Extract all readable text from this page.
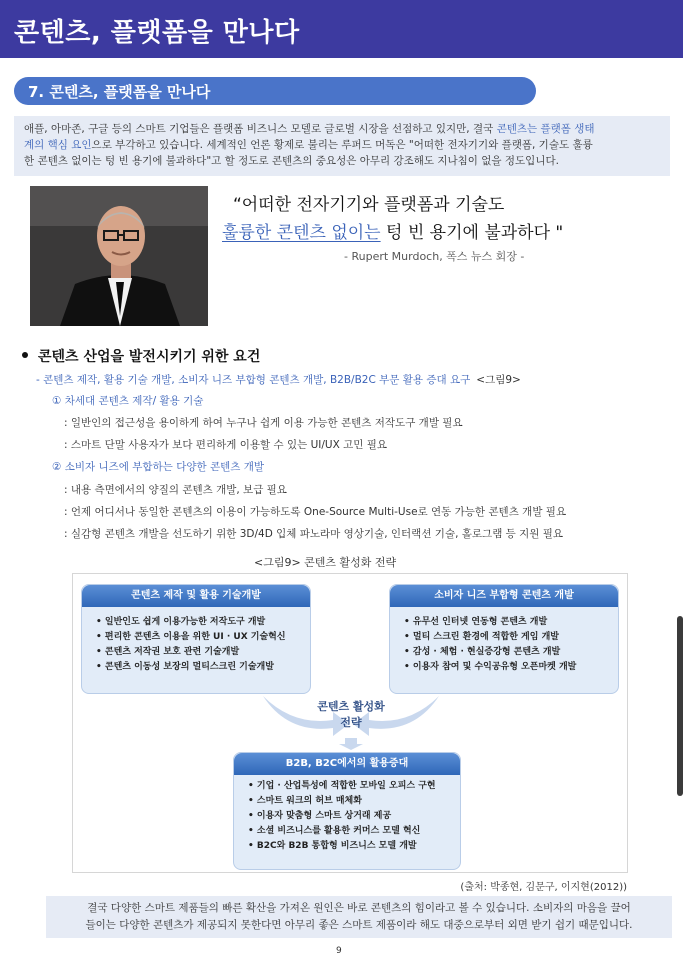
콘텐츠, 플랫폼을 만나다
7. 콘텐츠, 플랫폼을 만나다
애플, 아마존, 구글 등의 스마트 기업들은 플랫폼 비즈니스 모델로 글로벌 시장을 선점하고 있지만, 결국 콘텐츠는 플랫폼 생태
계의 핵심 요인으로 부각하고 있습니다. 세계적인 언론 황제로 불리는 루퍼드 머독은 "어떠한 전자기기와 플랫폼, 기술도 훌륭
한 콘텐츠 없이는 텅 빈 용기에 불과하다"고 할 정도로 콘텐츠의 중요성은 아무리 강조해도 지나침이 없을 정도입니다.
“어떠한 전자기기와 플랫폼과 기술도
훌륭한 콘텐츠 없이는 텅 빈 용기에 불과하다 "
- Rupert Murdoch, 폭스 뉴스 회장 -
콘텐츠 산업을 발전시키기 위한 요건
- 콘텐츠 제작, 활용 기술 개발, 소비자 니즈 부합형 콘텐츠 개발, B2B/B2C 부문 활용 증대 요구 <그림9>
① 차세대 콘텐츠 제작/ 활용 기술
: 일반인의 접근성을 용이하게 하여 누구나 쉽게 이용 가능한 콘텐츠 저작도구 개발 필요
: 스마트 단말 사용자가 보다 편리하게 이용할 수 있는 UI/UX 고민 필요
② 소비자 니즈에 부합하는 다양한 콘텐츠 개발
: 내용 측면에서의 양질의 콘텐츠 개발, 보급 필요
: 언제 어디서나 동일한 콘텐츠의 이용이 가능하도록 One-Source Multi-Use로 연동 가능한 콘텐츠 개발 필요
: 실감형 콘텐츠 개발을 선도하기 위한 3D/4D 입체 파노라마 영상기술, 인터랙션 기술, 홀로그램 등 지원 필요
<그림9> 콘텐츠 활성화 전략
콘텐츠 제작 및 활용 기술개발
• 일반인도 쉽게 이용가능한 저작도구 개발
• 편리한 콘텐츠 이용을 위한 UI · UX 기술혁신
• 콘텐츠 저작권 보호 관련 기술개발
• 콘텐츠 이동성 보장의 멀티스크린 기술개발
소비자 니즈 부합형 콘텐츠 개발
• 유무선 인터넷 연동형 콘텐츠 개발
• 멀티 스크린 환경에 적합한 게임 개발
• 감성 · 체험 · 현실증강형 콘텐츠 개발
• 이용자 참여 및 수익공유형 오픈마켓 개발
콘텐츠 활성화
전략
B2B, B2C에서의 활용증대
• 기업 · 산업특성에 적합한 모바일 오피스 구현
• 스마트 워크의 허브 매체화
• 이용자 맞춤형 스마트 상거래 제공
• 소셜 비즈니스를 활용한 커머스 모델 혁신
• B2C와 B2B 통합형 비즈니스 모델 개발
(출처: 박종현, 김문구, 이지현(2012))
결국 다양한 스마트 제품들의 빠른 확산을 가져온 원인은 바로 콘텐츠의 힘이라고 볼 수 있습니다. 소비자의 마음을 끌어
들이는 다양한 콘텐츠가 제공되지 못한다면 아무리 좋은 스마트 제품이라 해도 대중으로부터 외면 받기 쉽기 때문입니다.
9
